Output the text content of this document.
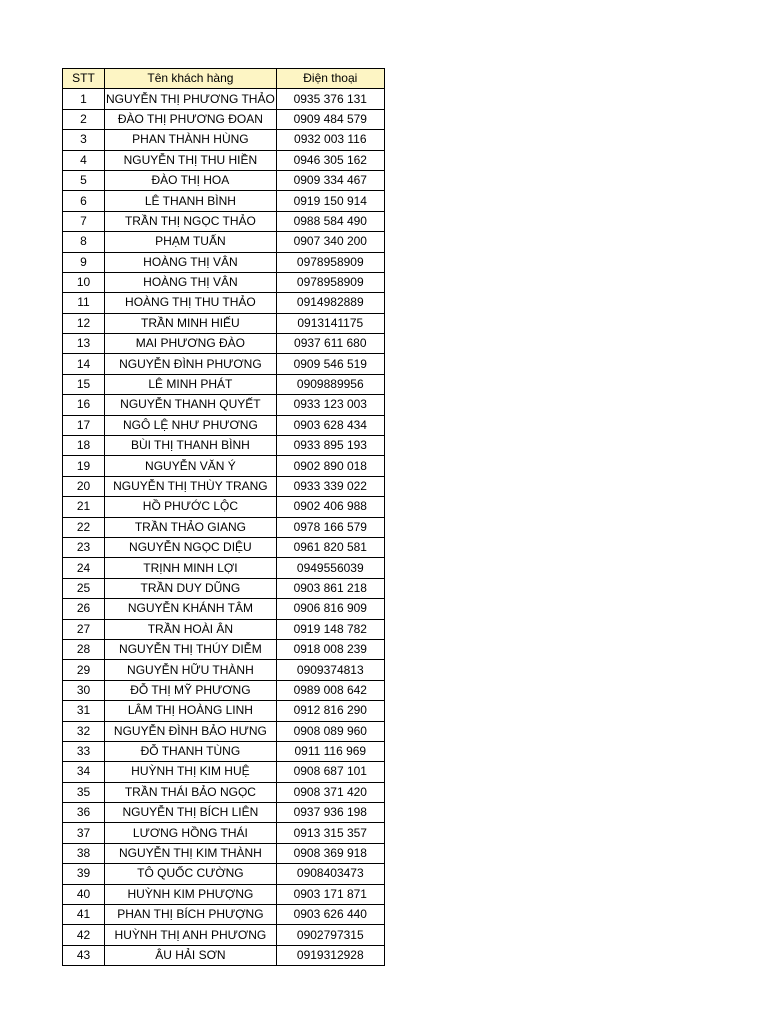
STT	Tên khách hàng	Điện thoại
1	NGUYỄN THỊ PHƯƠNG THẢO	0935 376 131
2	ĐÀO THỊ PHƯƠNG ĐOAN	0909 484 579
3	PHAN THÀNH HÙNG	0932 003 116
4	NGUYỄN THỊ THU HIỀN	0946 305 162
5	ĐÀO THỊ HOA	0909 334 467
6	LÊ THANH BÌNH	0919 150 914
7	TRẦN THỊ NGỌC THẢO	0988 584 490
8	PHẠM TUẤN	0907 340 200
9	HOÀNG THỊ VÂN	0978958909
10	HOÀNG THỊ VÂN	0978958909
11	HOÀNG THỊ THU THẢO	0914982889
12	TRẦN MINH HIẾU	0913141175
13	MAI PHƯƠNG ĐÀO	0937 611 680
14	NGUYỄN ĐÌNH PHƯƠNG	0909 546 519
15	LÊ MINH PHÁT	0909889956
16	NGUYỄN THANH QUYẾT	0933 123 003
17	NGÔ LỆ NHƯ PHƯƠNG	0903 628 434
18	BÙI THỊ THANH BÌNH	0933 895 193
19	NGUYỄN VĂN Ý	0902 890 018
20	NGUYỄN THỊ THÙY TRANG	0933 339 022
21	HỒ PHƯỚC LỘC	0902 406 988
22	TRẦN THẢO GIANG	0978 166 579
23	NGUYỄN NGỌC DIỆU	0961 820 581
24	TRỊNH MINH LỢI	0949556039
25	TRẦN DUY DŨNG	0903 861 218
26	NGUYỄN KHÁNH TÂM	0906 816 909
27	TRẦN HOÀI ÂN	0919 148 782
28	NGUYỄN THỊ THÚY DIỄM	0918 008 239
29	NGUYỄN HỮU THÀNH	0909374813
30	ĐỖ THỊ MỸ PHƯƠNG	0989 008 642
31	LÂM THỊ HOÀNG LINH	0912 816 290
32	NGUYỄN ĐÌNH BẢO HƯNG	0908 089 960
33	ĐỖ THANH TÙNG	0911 116 969
34	HUỲNH THỊ KIM HUỆ	0908 687 101
35	TRẦN THÁI BẢO NGỌC	0908 371 420
36	NGUYỄN THỊ BÍCH LIÊN	0937 936 198
37	LƯƠNG HỒNG THÁI	0913 315 357
38	NGUYỄN THỊ KIM THÀNH	0908 369 918
39	TÔ QUỐC CƯỜNG	0908403473
40	HUỲNH KIM PHƯỢNG	0903 171 871
41	PHAN THỊ BÍCH PHƯỢNG	0903 626 440
42	HUỲNH THỊ ANH PHƯƠNG	0902797315
43	ÂU HẢI SƠN	0919312928
